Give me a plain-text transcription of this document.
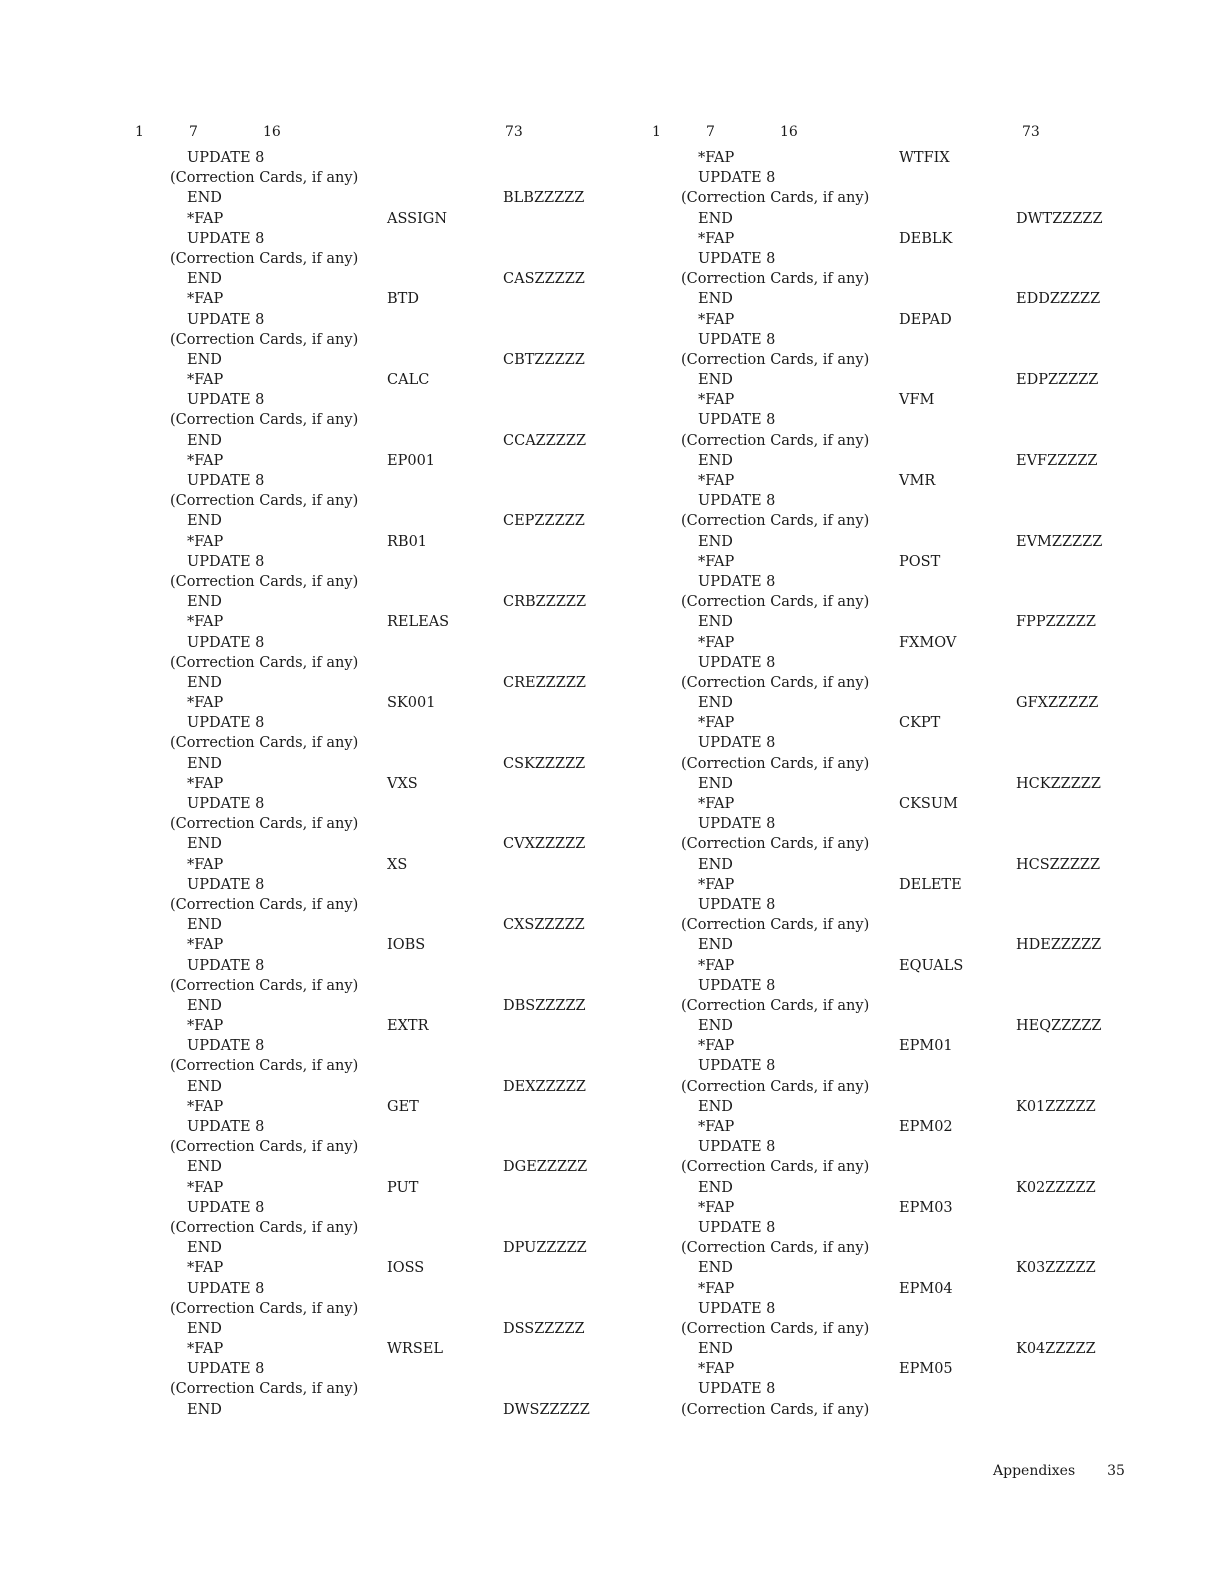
1	7	16	73
UPDATE 8
(Correction Cards, if any)
END	BLBZZZZZ
*FAP	ASSIGN
UPDATE 8
(Correction Cards, if any)
END	CASZZZZZ
*FAP	BTD
UPDATE 8
(Correction Cards, if any)
END	CBTZZZZZ
*FAP	CALC
UPDATE 8
(Correction Cards, if any)
END	CCAZZZZZ
*FAP	EP001
UPDATE 8
(Correction Cards, if any)
END	CEPZZZZZ
*FAP	RB01
UPDATE 8
(Correction Cards, if any)
END	CRBZZZZZ
*FAP	RELEAS
UPDATE 8
(Correction Cards, if any)
END	CREZZZZZ
*FAP	SK001
UPDATE 8
(Correction Cards, if any)
END	CSKZZZZZ
*FAP	VXS
UPDATE 8
(Correction Cards, if any)
END	CVXZZZZZ
*FAP	XS
UPDATE 8
(Correction Cards, if any)
END	CXSZZZZZ
*FAP	IOBS
UPDATE 8
(Correction Cards, if any)
END	DBSZZZZZ
*FAP	EXTR
UPDATE 8
(Correction Cards, if any)
END	DEXZZZZZ
*FAP	GET
UPDATE 8
(Correction Cards, if any)
END	DGEZZZZZ
*FAP	PUT
UPDATE 8
(Correction Cards, if any)
END	DPUZZZZZ
*FAP	IOSS
UPDATE 8
(Correction Cards, if any)
END	DSSZZZZZ
*FAP	WRSEL
UPDATE 8
(Correction Cards, if any)
END	DWSZZZZZ
1	7	16	73
*FAP	WTFIX
UPDATE 8
(Correction Cards, if any)
END	DWTZZZZZ
*FAP	DEBLK
UPDATE 8
(Correction Cards, if any)
END	EDDZZZZZ
*FAP	DEPAD
UPDATE 8
(Correction Cards, if any)
END	EDPZZZZZ
*FAP	VFM
UPDATE 8
(Correction Cards, if any)
END	EVFZZZZZ
*FAP	VMR
UPDATE 8
(Correction Cards, if any)
END	EVMZZZZZ
*FAP	POST
UPDATE 8
(Correction Cards, if any)
END	FPPZZZZZ
*FAP	FXMOV
UPDATE 8
(Correction Cards, if any)
END	GFXZZZZZ
*FAP	CKPT
UPDATE 8
(Correction Cards, if any)
END	HCKZZZZZ
*FAP	CKSUM
UPDATE 8
(Correction Cards, if any)
END	HCSZZZZZ
*FAP	DELETE
UPDATE 8
(Correction Cards, if any)
END	HDEZZZZZ
*FAP	EQUALS
UPDATE 8
(Correction Cards, if any)
END	HEQZZZZZ
*FAP	EPM01
UPDATE 8
(Correction Cards, if any)
END	K01ZZZZZ
*FAP	EPM02
UPDATE 8
(Correction Cards, if any)
END	K02ZZZZZ
*FAP	EPM03
UPDATE 8
(Correction Cards, if any)
END	K03ZZZZZ
*FAP	EPM04
UPDATE 8
(Correction Cards, if any)
END	K04ZZZZZ
*FAP	EPM05
UPDATE 8
(Correction Cards, if any)
Appendixes 35
